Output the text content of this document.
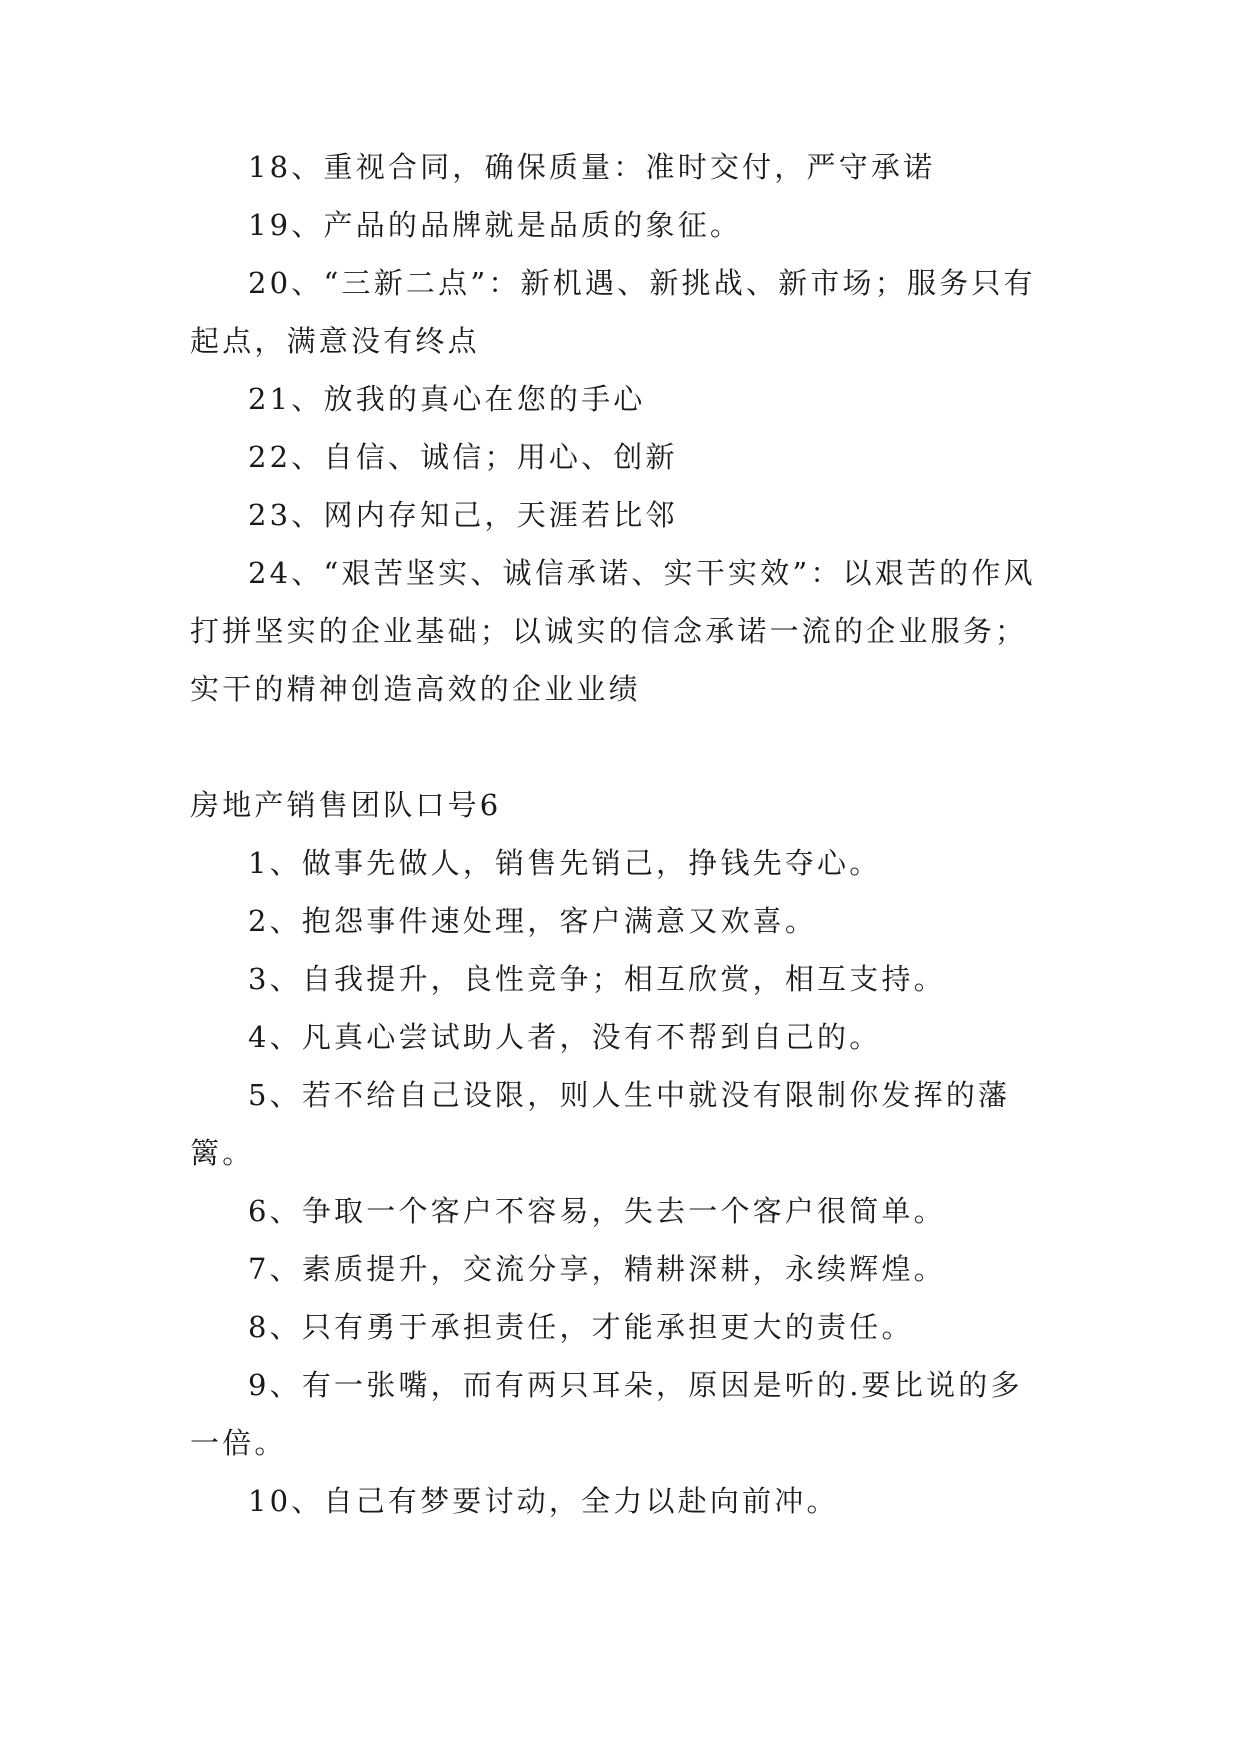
18、重视合同，确保质量：准时交付，严守承诺

19、产品的品牌就是品质的象征。

20、“三新二点”：新机遇、新挑战、新市场；服务只有
起点，满意没有终点

21、放我的真心在您的手心

22、自信、诚信；用心、创新

23、网内存知己，天涯若比邻

24、“艰苦坚实、诚信承诺、实干实效”：以艰苦的作风
打拼坚实的企业基础；以诚实的信念承诺一流的企业服务；
实干的精神创造高效的企业业绩

房地产销售团队口号6

1、做事先做人，销售先销己，挣钱先夺心。

2、抱怨事件速处理，客户满意又欢喜。

3、自我提升，良性竞争；相互欣赏，相互支持。

4、凡真心尝试助人者，没有不帮到自己的。

5、若不给自己设限，则人生中就没有限制你发挥的藩
篱。

6、争取一个客户不容易，失去一个客户很简单。

7、素质提升，交流分享，精耕深耕，永续辉煌。

8、只有勇于承担责任，才能承担更大的责任。

9、有一张嘴，而有两只耳朵，原因是听的.要比说的多
一倍。

10、自己有梦要讨动，全力以赴向前冲。
